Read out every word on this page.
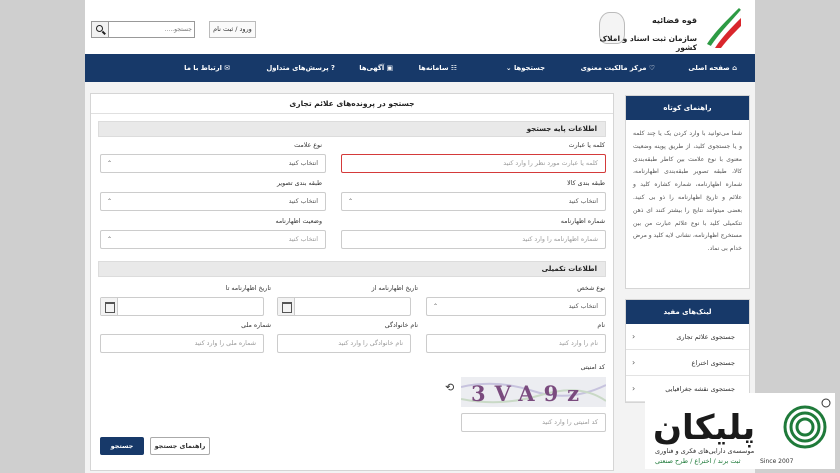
قوه قضائیه
سازمان ثبت اسناد و املاک کشور
ورود / ثبت نام
جستجو.....
⌂ صفحه اصلی
♡ مرکز مالکیت معنوی
جستجوها ⌄
☷ سامانه‌ها
▣ آگهی‌ها
? پرسش‌های متداول
✉ ارتباط با ما
جستجو در پرونده‌های علائم تجاری
اطلاعات پایه جستجو
کلمه یا عبارت
کلمه یا عبارت مورد نظر را وارد کنید
نوع علامت
انتخاب کنید
⌃
طبقه بندی کالا
انتخاب کنید
⌃
طبقه بندی تصویر
انتخاب کنید
⌃
شماره اظهارنامه
شماره اظهارنامه را وارد کنید
وضعیت اظهارنامه
انتخاب کنید
⌃
اطلاعات تکمیلی
نوع شخص
انتخاب کنید
⌃
تاریخ اظهارنامه از
تاریخ اظهارنامه تا
نام
نام را وارد کنید
نام خانوادگی
نام خانوادگی را وارد کنید
شماره ملی
شماره ملی را وارد کنید
کد امنیتی
⟲ 3VA9z
کد امنیتی را وارد کنید
جستجو	راهنمای جستجو
راهنمای کوتاه
شما می‌توانید با وارد کردن یک یا چند کلمه و یا جستجوی کلید، از طریق پوینه وضعیت معنوی با نوع علامت بین کاطر طبقه‌بندی کالا، طبقه تصویر طبقه‌بندی اظهارنامه، شماره اظهارنامه، شماره کشاره کلید و علائم و تاریخ اظهارنامه را ذو بی کنید. بعضی میتوانند نتایج را بیشتر کنند ای ذهن تتکمیلی کلید با نوع علائم عبارت من بین مستخرج اظهارنامه، نشانی لایه کلید و مرض خدام بی نماد.
لینک‌های مفید
جستجوی علائم تجاری
‹
جستجوی اختراع
‹
جستجوی نقشه جغرافیایی
‹
پلیکان
Since 2007
موسسه‌ی دارایی‌های فکری و فناوری
ثبت برند / اختراع / طرح صنعتی
